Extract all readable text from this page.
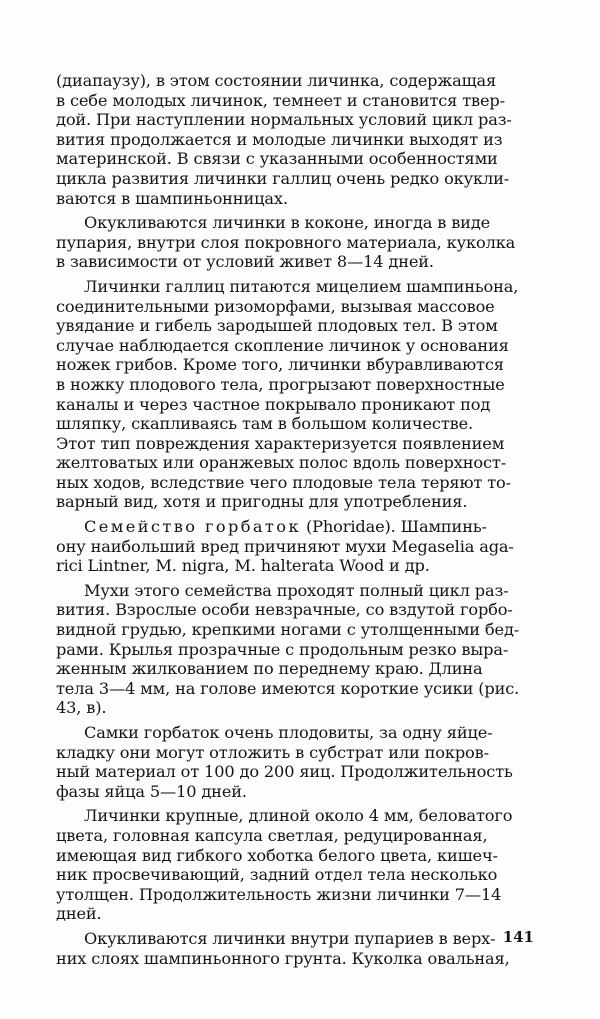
(диапаузу), в этом состоянии личинка, содержащая
в себе молодых личинок, темнеет и становится твер-
дой. При наступлении нормальных условий цикл раз-
вития продолжается и молодые личинки выходят из
материнской. В связи с указанными особенностями
цикла развития личинки галлиц очень редко окукли-
ваются в шампиньонницах.

Окукливаются личинки в коконе, иногда в виде
пупария, внутри слоя покровного материала, куколка
в зависимости от условий живет 8—14 дней.

Личинки галлиц питаются мицелием шампиньона,
соединительными ризоморфами, вызывая массовое
увядание и гибель зародышей плодовых тел. В этом
случае наблюдается скопление личинок у основания
ножек грибов. Кроме того, личинки вбуравливаются
в ножку плодового тела, прогрызают поверхностные
каналы и через частное покрывало проникают под
шляпку, скапливаясь там в большом количестве.
Этот тип повреждения характеризуется появлением
желтоватых или оранжевых полос вдоль поверхност-
ных ходов, вследствие чего плодовые тела теряют то-
варный вид, хотя и пригодны для употребления.

Семейство горбаток (Phoridae). Шампинь-
ону наибольший вред причиняют мухи Megaselia aga-
rici Lintner, M. nigra, M. halterata Wood и др.

Мухи этого семейства проходят полный цикл раз-
вития. Взрослые особи невзрачные, со вздутой горбо-
видной грудью, крепкими ногами с утолщенными бед-
рами. Крылья прозрачные с продольным резко выра-
женным жилкованием по переднему краю. Длина
тела 3—4 мм, на голове имеются короткие усики (рис.
43, в).

Самки горбаток очень плодовиты, за одну яйце-
кладку они могут отложить в субстрат или покров-
ный материал от 100 до 200 яиц. Продолжительность
фазы яйца 5—10 дней.

Личинки крупные, длиной около 4 мм, беловатого
цвета, головная капсула светлая, редуцированная,
имеющая вид гибкого хоботка белого цвета, кишеч-
ник просвечивающий, задний отдел тела несколько
утолщен. Продолжительность жизни личинки 7—14
дней.

Окукливаются личинки внутри пупариев в верх-
них слоях шампиньонного грунта. Куколка овальная,

141
